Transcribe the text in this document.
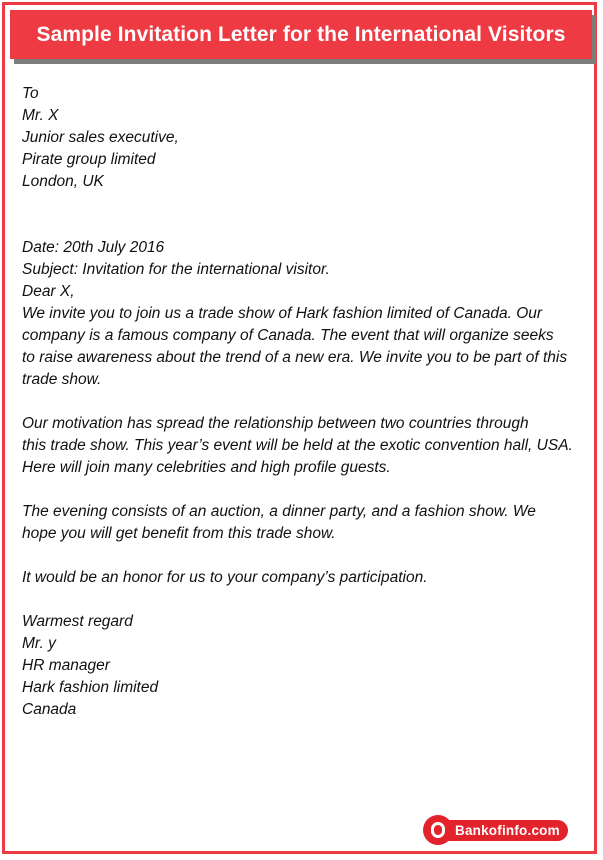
Sample Invitation Letter for the International Visitors

To

Mr. X

Junior sales executive,

Pirate group limited

London, UK

Date: 20th July 2016

Subject: Invitation for the international visitor.

Dear X,

We invite you to join us a trade show of Hark fashion limited of Canada. Our

company is a famous company of Canada. The event that will organize seeks

to raise awareness about the trend of a new era. We invite you to be part of this

trade show.

Our motivation has spread the relationship between two countries through

this trade show. This year’s event will be held at the exotic convention hall, USA.

Here will join many celebrities and high profile guests.

The evening consists of an auction, a dinner party, and a fashion show. We

hope you will get benefit from this trade show.

It would be an honor for us to your company’s participation.

Warmest regard

Mr. y

HR manager

Hark fashion limited

Canada

Bankofinfo.com
